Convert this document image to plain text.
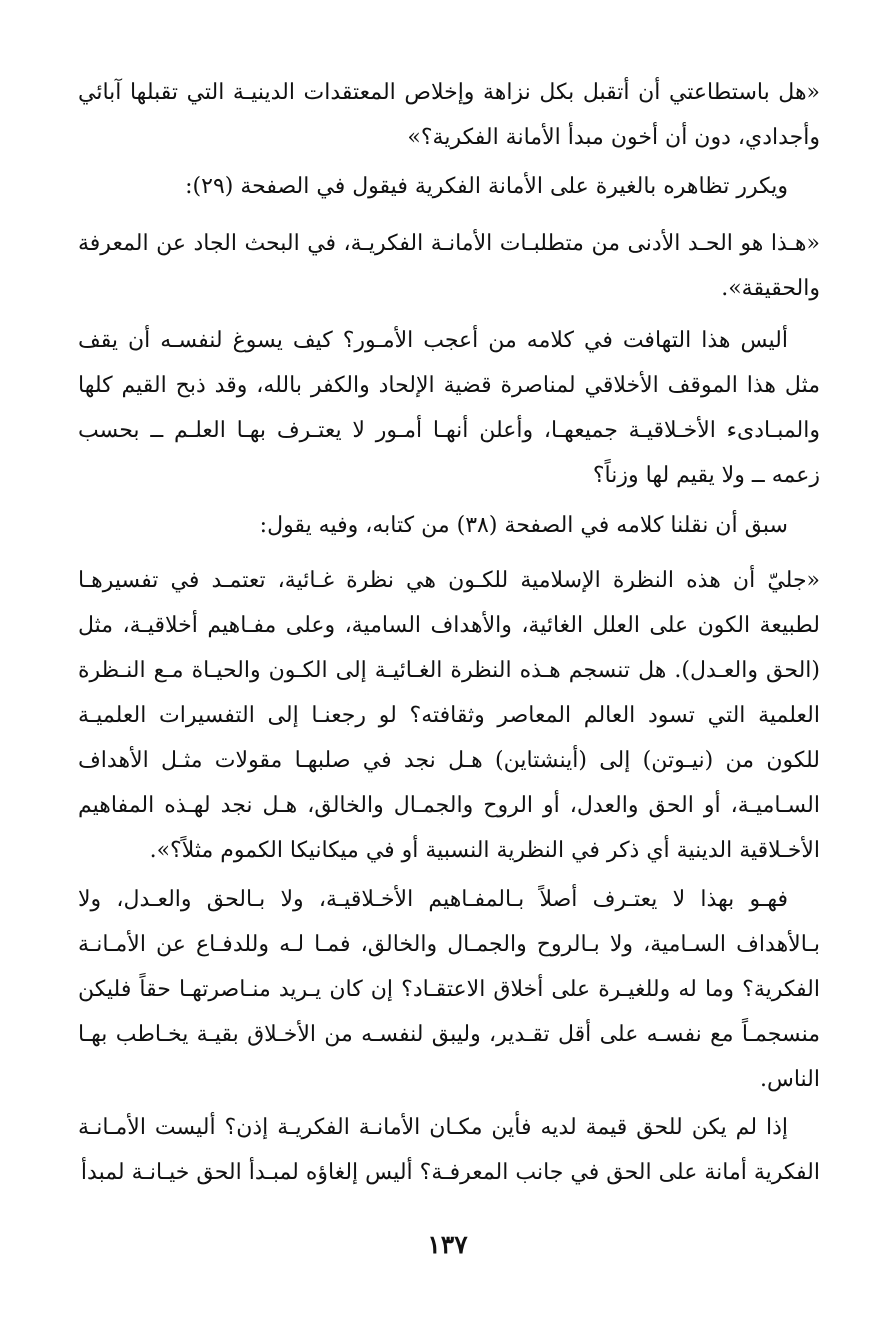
«هل باستطاعتي أن أتقبل بكل نزاهة وإخلاص المعتقدات الدينيـة التي تقبلها آبائي وأجدادي، دون أن أخون مبدأ الأمانة الفكرية؟»

ويكرر تظاهره بالغيرة على الأمانة الفكرية فيقول في الصفحة (٢٩):

«هـذا هو الحـد الأدنى من متطلبـات الأمانـة الفكريـة، في البحث الجاد عن المعرفة والحقيقة».

أليس هذا التهافت في كلامه من أعجب الأمـور؟ كيف يسوغ لنفسـه أن يقف مثل هذا الموقف الأخلاقي لمناصرة قضية الإلحاد والكفر بالله، وقد ذبح القيم كلها والمبـادىء الأخـلاقيـة جميعهـا، وأعلن أنهـا أمـور لا يعتـرف بهـا العلـم ــ بحسب زعمه ــ ولا يقيم لها وزناً؟

سبق أن نقلنا كلامه في الصفحة (٣٨) من كتابه، وفيه يقول:

«جليّ أن هذه النظرة الإسلامية للكـون هي نظرة غـائية، تعتمـد في تفسيرهـا لطبيعة الكون على العلل الغائية، والأهداف السامية، وعلى مفـاهيم أخلاقيـة، مثل (الحق والعـدل). هل تنسجم هـذه النظرة الغـائيـة إلى الكـون والحيـاة مـع النـظرة العلمية التي تسود العالم المعاصر وثقافته؟ لو رجعنـا إلى التفسيرات العلميـة للكون من (نيـوتن) إلى (أينشتاين) هـل نجد في صلبهـا مقولات مثـل الأهداف السـاميـة، أو الحق والعدل، أو الروح والجمـال والخالق، هـل نجد لهـذه المفاهيم الأخـلاقية الدينية أي ذكر في النظرية النسبية أو في ميكانيكا الكموم مثلاً؟».

فهـو بهذا لا يعتـرف أصلاً بـالمفـاهيم الأخـلاقيـة، ولا بـالحق والعـدل، ولا بـالأهداف السـامية، ولا بـالروح والجمـال والخالق، فمـا لـه وللدفـاع عن الأمـانـة الفكرية؟ وما له وللغيـرة على أخلاق الاعتقـاد؟ إن كان يـريد منـاصرتهـا حقاً فليكن منسجمـاً مع نفسـه على أقل تقـدير، وليبق لنفسـه من الأخـلاق بقيـة يخـاطب بهـا الناس.

إذا لم يكن للحق قيمة لديه فأين مكـان الأمانـة الفكريـة إذن؟ أليست الأمـانـة الفكرية أمانة على الحق في جانب المعرفـة؟ أليس إلغاؤه لمبـدأ الحق خيـانـة لمبدأ

١٣٧
